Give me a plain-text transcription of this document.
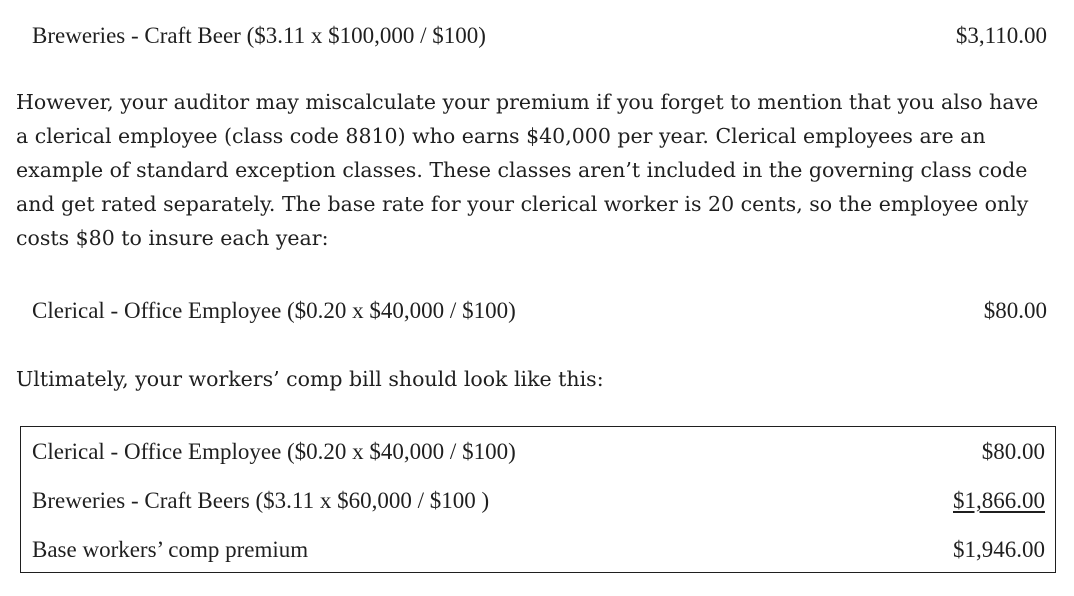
Breweries - Craft Beer ($3.11 x $100,000 / $100)	$3,110.00

However, your auditor may miscalculate your premium if you forget to mention that you also have a clerical employee (class code 8810) who earns $40,000 per year. Clerical employees are an example of standard exception classes. These classes aren’t included in the governing class code and get rated separately. The base rate for your clerical worker is 20 cents, so the employee only costs $80 to insure each year:

Clerical - Office Employee ($0.20 x $40,000 / $100)	$80.00

Ultimately, your workers’ comp bill should look like this:

Clerical - Office Employee ($0.20 x $40,000 / $100)	$80.00
Breweries - Craft Beers ($3.11 x $60,000 / $100 )	$1,866.00
Base workers’ comp premium	$1,946.00
